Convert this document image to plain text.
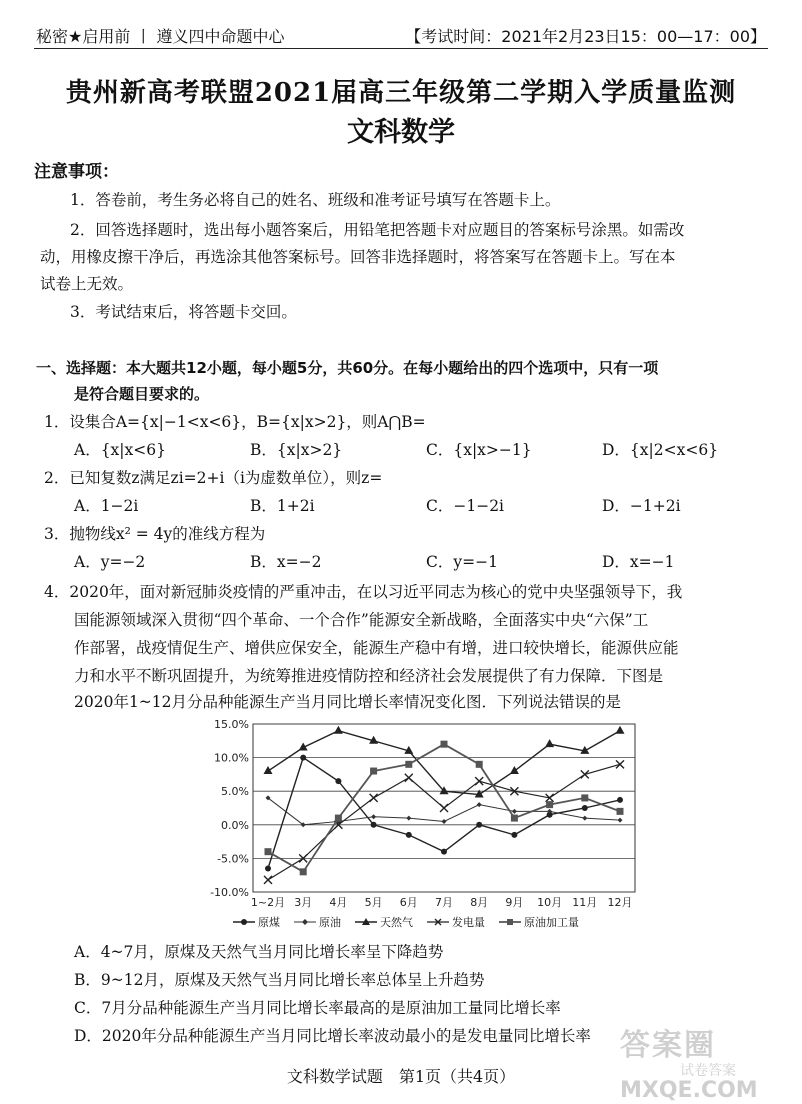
秘密★启用前 丨 遵义四中命题中心	【考试时间：2021年2月23日15：00—17：00】
贵州新高考联盟2021届高三年级第二学期入学质量监测
文科数学
注意事项：
1．答卷前，考生务必将自己的姓名、班级和准考证号填写在答题卡上。
2．回答选择题时，选出每小题答案后，用铅笔把答题卡对应题目的答案标号涂黑。如需改
动，用橡皮擦干净后，再选涂其他答案标号。回答非选择题时，将答案写在答题卡上。写在本
试卷上无效。
3．考试结束后，将答题卡交回。
一、选择题：本大题共12小题，每小题5分，共60分。在每小题给出的四个选项中，只有一项
是符合题目要求的。
1．设集合A={x|−1<x<6}，B={x|x>2}，则A⋂B=
A．{x|x<6}	B．{x|x>2}	C．{x|x>−1}	D．{x|2<x<6}
2．已知复数z满足zi=2+i（i为虚数单位），则z=
A．1−2i	B．1+2i	C．−1−2i	D．−1+2i
3．抛物线x² = 4y的准线方程为
A．y=−2	B．x=−2	C．y=−1	D．x=−1
4．2020年，面对新冠肺炎疫情的严重冲击，在以习近平同志为核心的党中央坚强领导下，我
国能源领域深入贯彻“四个革命、一个合作”能源安全新战略，全面落实中央“六保”工
作部署，战疫情促生产、增供应保安全，能源生产稳中有增，进口较快增长，能源供应能
力和水平不断巩固提升，为统筹推进疫情防控和经济社会发展提供了有力保障．下图是
2020年1~12月分品种能源生产当月同比增长率情况变化图．下列说法错误的是
15.0%
10.0%
5.0%
0.0%
-5.0%
-10.0%
1~2月 3月 4月 5月 6月 7月 8月 9月 10月 11月 12月
原煤	原油	天然气	发电量	原油加工量
A．4~7月，原煤及天然气当月同比增长率呈下降趋势
B．9~12月，原煤及天然气当月同比增长率总体呈上升趋势
C．7月分品种能源生产当月同比增长率最高的是原油加工量同比增长率
D．2020年分品种能源生产当月同比增长率波动最小的是发电量同比增长率
文科数学试题　第1页（共4页）
答案圈
试卷答案
MXQE.COM
